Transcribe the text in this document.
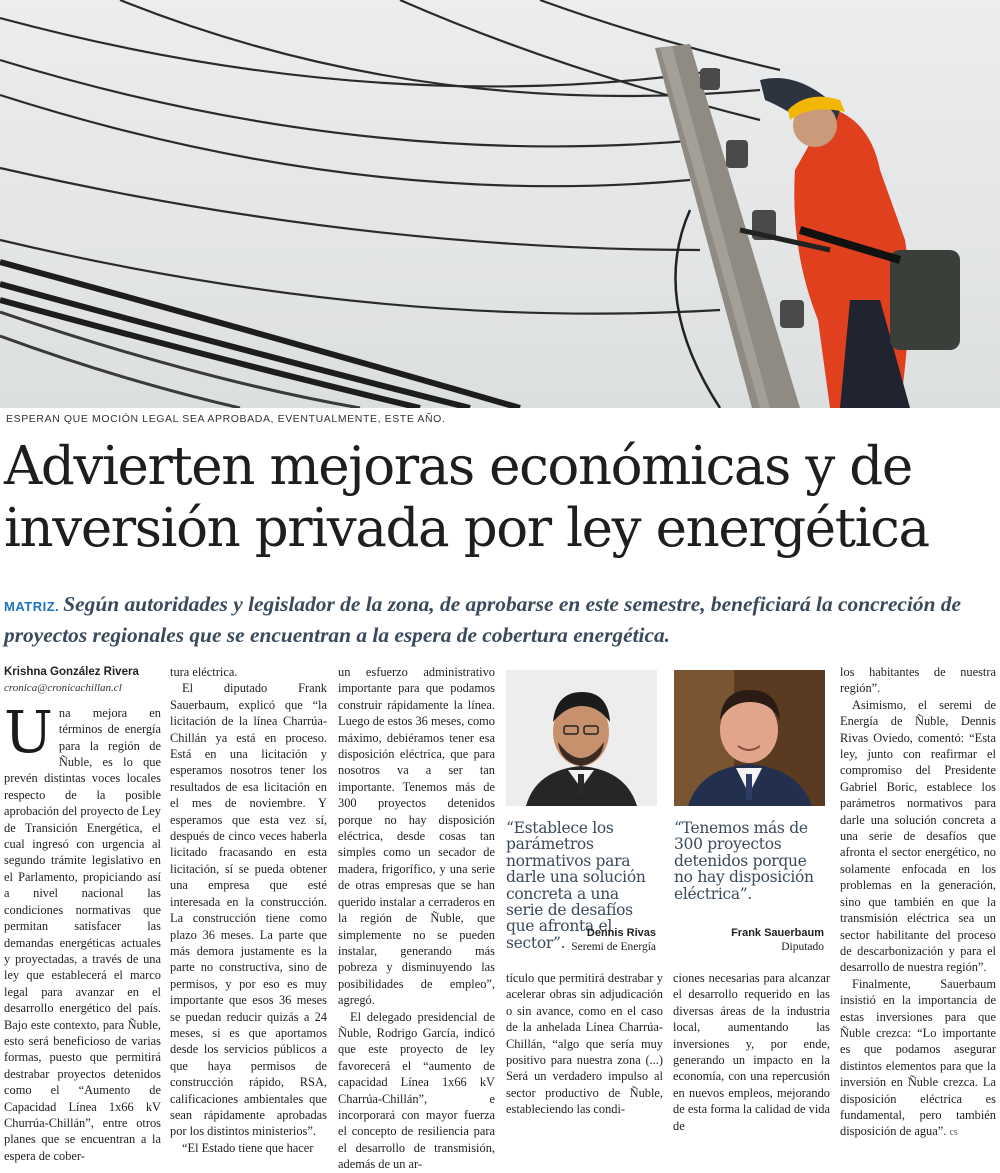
ESPERAN QUE MOCIÓN LEGAL SEA APROBADA, EVENTUALMENTE, ESTE AÑO.
Advierten mejoras económicas y de inversión privada por ley energética
MATRIZ. Según autoridades y legislador de la zona, de aprobarse en este semestre, beneficiará la concreción de proyectos regionales que se encuentran a la espera de cobertura energética.

Krishna González Rivera

cronica@cronicachillan.cl

Una mejora en términos de energía para la región de Ñuble, es lo que prevén distintas voces locales respecto de la posible aprobación del proyecto de Ley de Transición Energética, el cual ingresó con urgencia al segundo trámite legislativo en el Parlamento, propiciando así a nivel nacional las condiciones normativas que permitan satisfacer las demandas energéticas actuales y proyectadas, a través de una ley que establecerá el marco legal para avanzar en el desarrollo energético del país. Bajo este contexto, para Ñuble, esto será beneficioso de varias formas, puesto que permitirá destrabar proyectos detenidos como el “Aumento de Capacidad Línea 1x66 kV Churrúa-Chillán”, entre otros planes que se encuentran a la espera de cober-

tura eléctrica.

El diputado Frank Sauerbaum, explicó que “la licitación de la línea Charrúa-Chillán ya está en proceso. Está en una licitación y esperamos nosotros tener los resultados de esa licitación en el mes de noviembre. Y esperamos que esta vez sí, después de cinco veces haberla licitado fracasando en esta licitación, sí se pueda obtener una empresa que esté interesada en la construcción. La construcción tiene como plazo 36 meses. La parte que más demora justamente es la parte no constructiva, sino de permisos, y por eso es muy importante que esos 36 meses se puedan reducir quizás a 24 meses, si es que aportamos desde los servicios públicos a que haya permisos de construcción rápido, RSA, calificaciones ambientales que sean rápidamente aprobadas por los distintos ministerios”.

“El Estado tiene que hacer

un esfuerzo administrativo importante para que podamos construir rápidamente la línea. Luego de estos 36 meses, como máximo, debiéramos tener esa disposición eléctrica, que para nosotros va a ser tan importante. Tenemos más de 300 proyectos detenidos porque no hay disposición eléctrica, desde cosas tan simples como un secador de madera, frigorífico, y una serie de otras empresas que se han querido instalar a cerraderos en la región de Ñuble, que simplemente no se pueden instalar, generando más pobreza y disminuyendo las posibilidades de empleo”, agregó.

El delegado presidencial de Ñuble, Rodrigo García, indicó que este proyecto de ley favorecerá el “aumento de capacidad Línea 1x66 kV Charrúa-Chillán”, e incorporará con mayor fuerza el concepto de resiliencia para el desarrollo de transmisión, además de un ar-

“Establece los parámetros normativos para darle una solución concreta a una serie de desafíos que afronta el sector”.
Dennis Rivas
Seremi de Energía
“Tenemos más de 300 proyectos detenidos porque no hay disposición eléctrica”.
Frank Sauerbaum
Diputado
tículo que permitirá destrabar y acelerar obras sin adjudicación o sin avance, como en el caso de la anhelada Línea Charrúa-Chillán, “algo que sería muy positivo para nuestra zona (...) Será un verdadero impulso al sector productivo de Ñuble, estableciendo las condi-
ciones necesarias para alcanzar el desarrollo requerido en las diversas áreas de la industria local, aumentando las inversiones y, por ende, generando un impacto en la economía, con una repercusión en nuevos empleos, mejorando de esta forma la calidad de vida de

los habitantes de nuestra región”.

Asimismo, el seremi de Energía de Ñuble, Dennis Rivas Oviedo, comentó: “Esta ley, junto con reafirmar el compromiso del Presidente Gabriel Boric, establece los parámetros normativos para darle una solución concreta a una serie de desafíos que afronta el sector energético, no solamente enfocada en los problemas en la generación, sino que también en que la transmisión eléctrica sea un sector habilitante del proceso de descarbonización y para el desarrollo de nuestra región”.

Finalmente, Sauerbaum insistió en la importancia de estas inversiones para que Ñuble crezca: “Lo importante es que podamos asegurar distintos elementos para que la inversión en Ñuble crezca. La disposición eléctrica es fundamental, pero también disposición de agua”. cs
